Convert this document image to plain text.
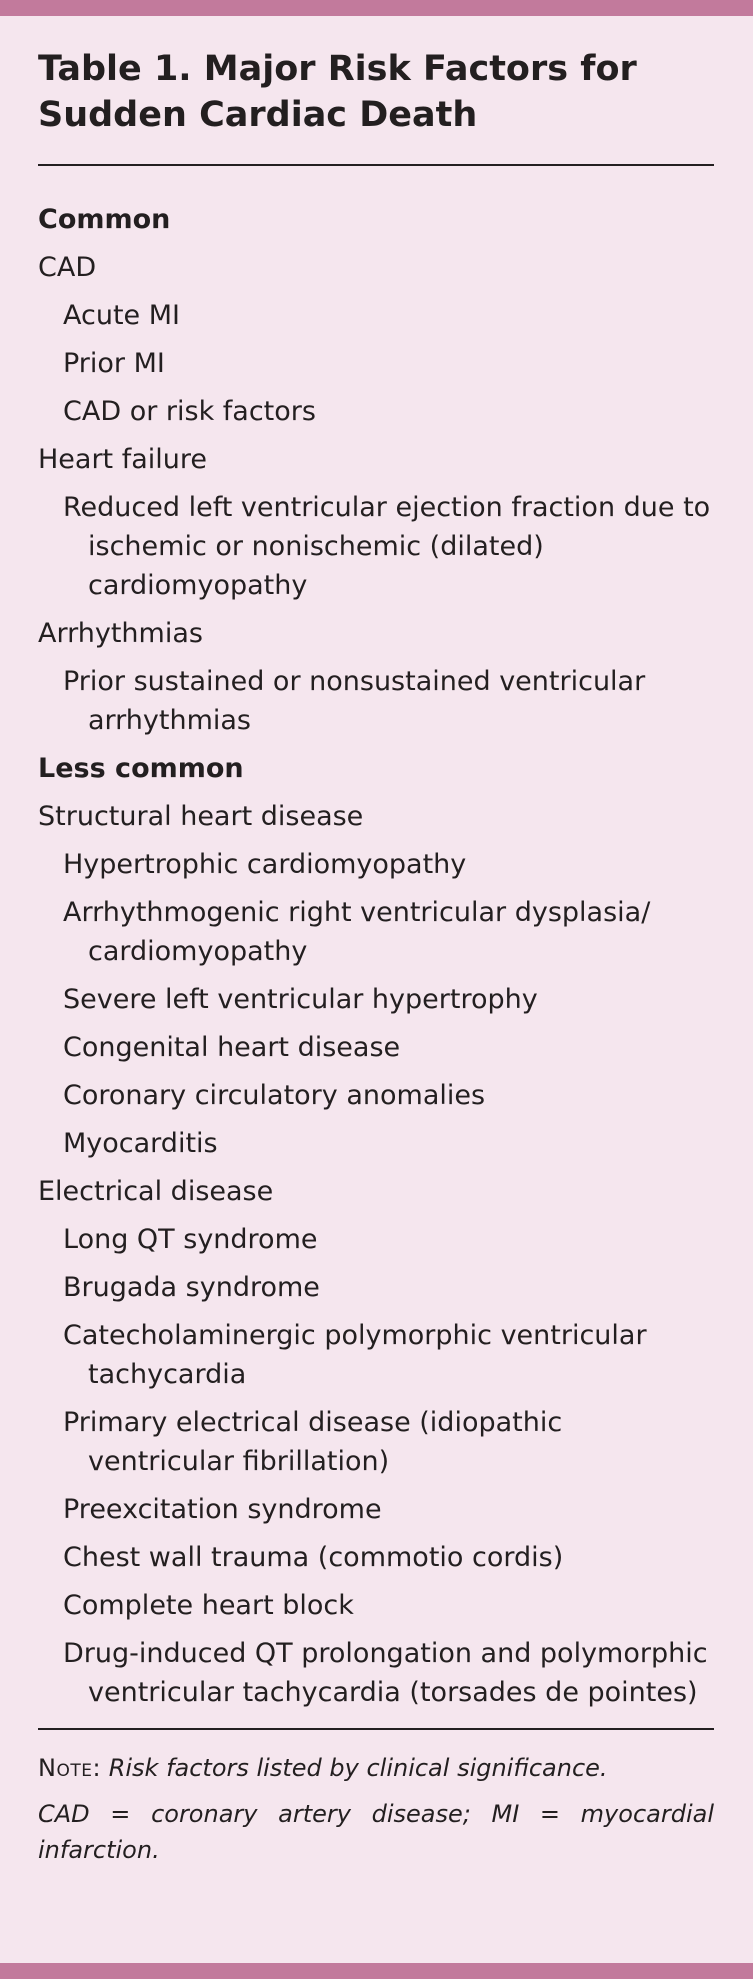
Table 1. Major Risk Factors for Sudden Cardiac Death
Common
CAD
Acute MI
Prior MI
CAD or risk factors
Heart failure
Reduced left ventricular ejection fraction due to ischemic or nonischemic (dilated) cardiomyopathy
Arrhythmias
Prior sustained or nonsustained ventricular arrhythmias
Less common
Structural heart disease
Hypertrophic cardiomyopathy
Arrhythmogenic right ventricular dysplasia/ cardiomyopathy
Severe left ventricular hypertrophy
Congenital heart disease
Coronary circulatory anomalies
Myocarditis
Electrical disease
Long QT syndrome
Brugada syndrome
Catecholaminergic polymorphic ventricular tachycardia
Primary electrical disease (idiopathic ventricular fibrillation)
Preexcitation syndrome
Chest wall trauma (commotio cordis)
Complete heart block
Drug-induced QT prolongation and polymorphic ventricular tachycardia (torsades de pointes)
Note: Risk factors listed by clinical significance.
CAD = coronary artery disease; MI = myocardial infarction.
